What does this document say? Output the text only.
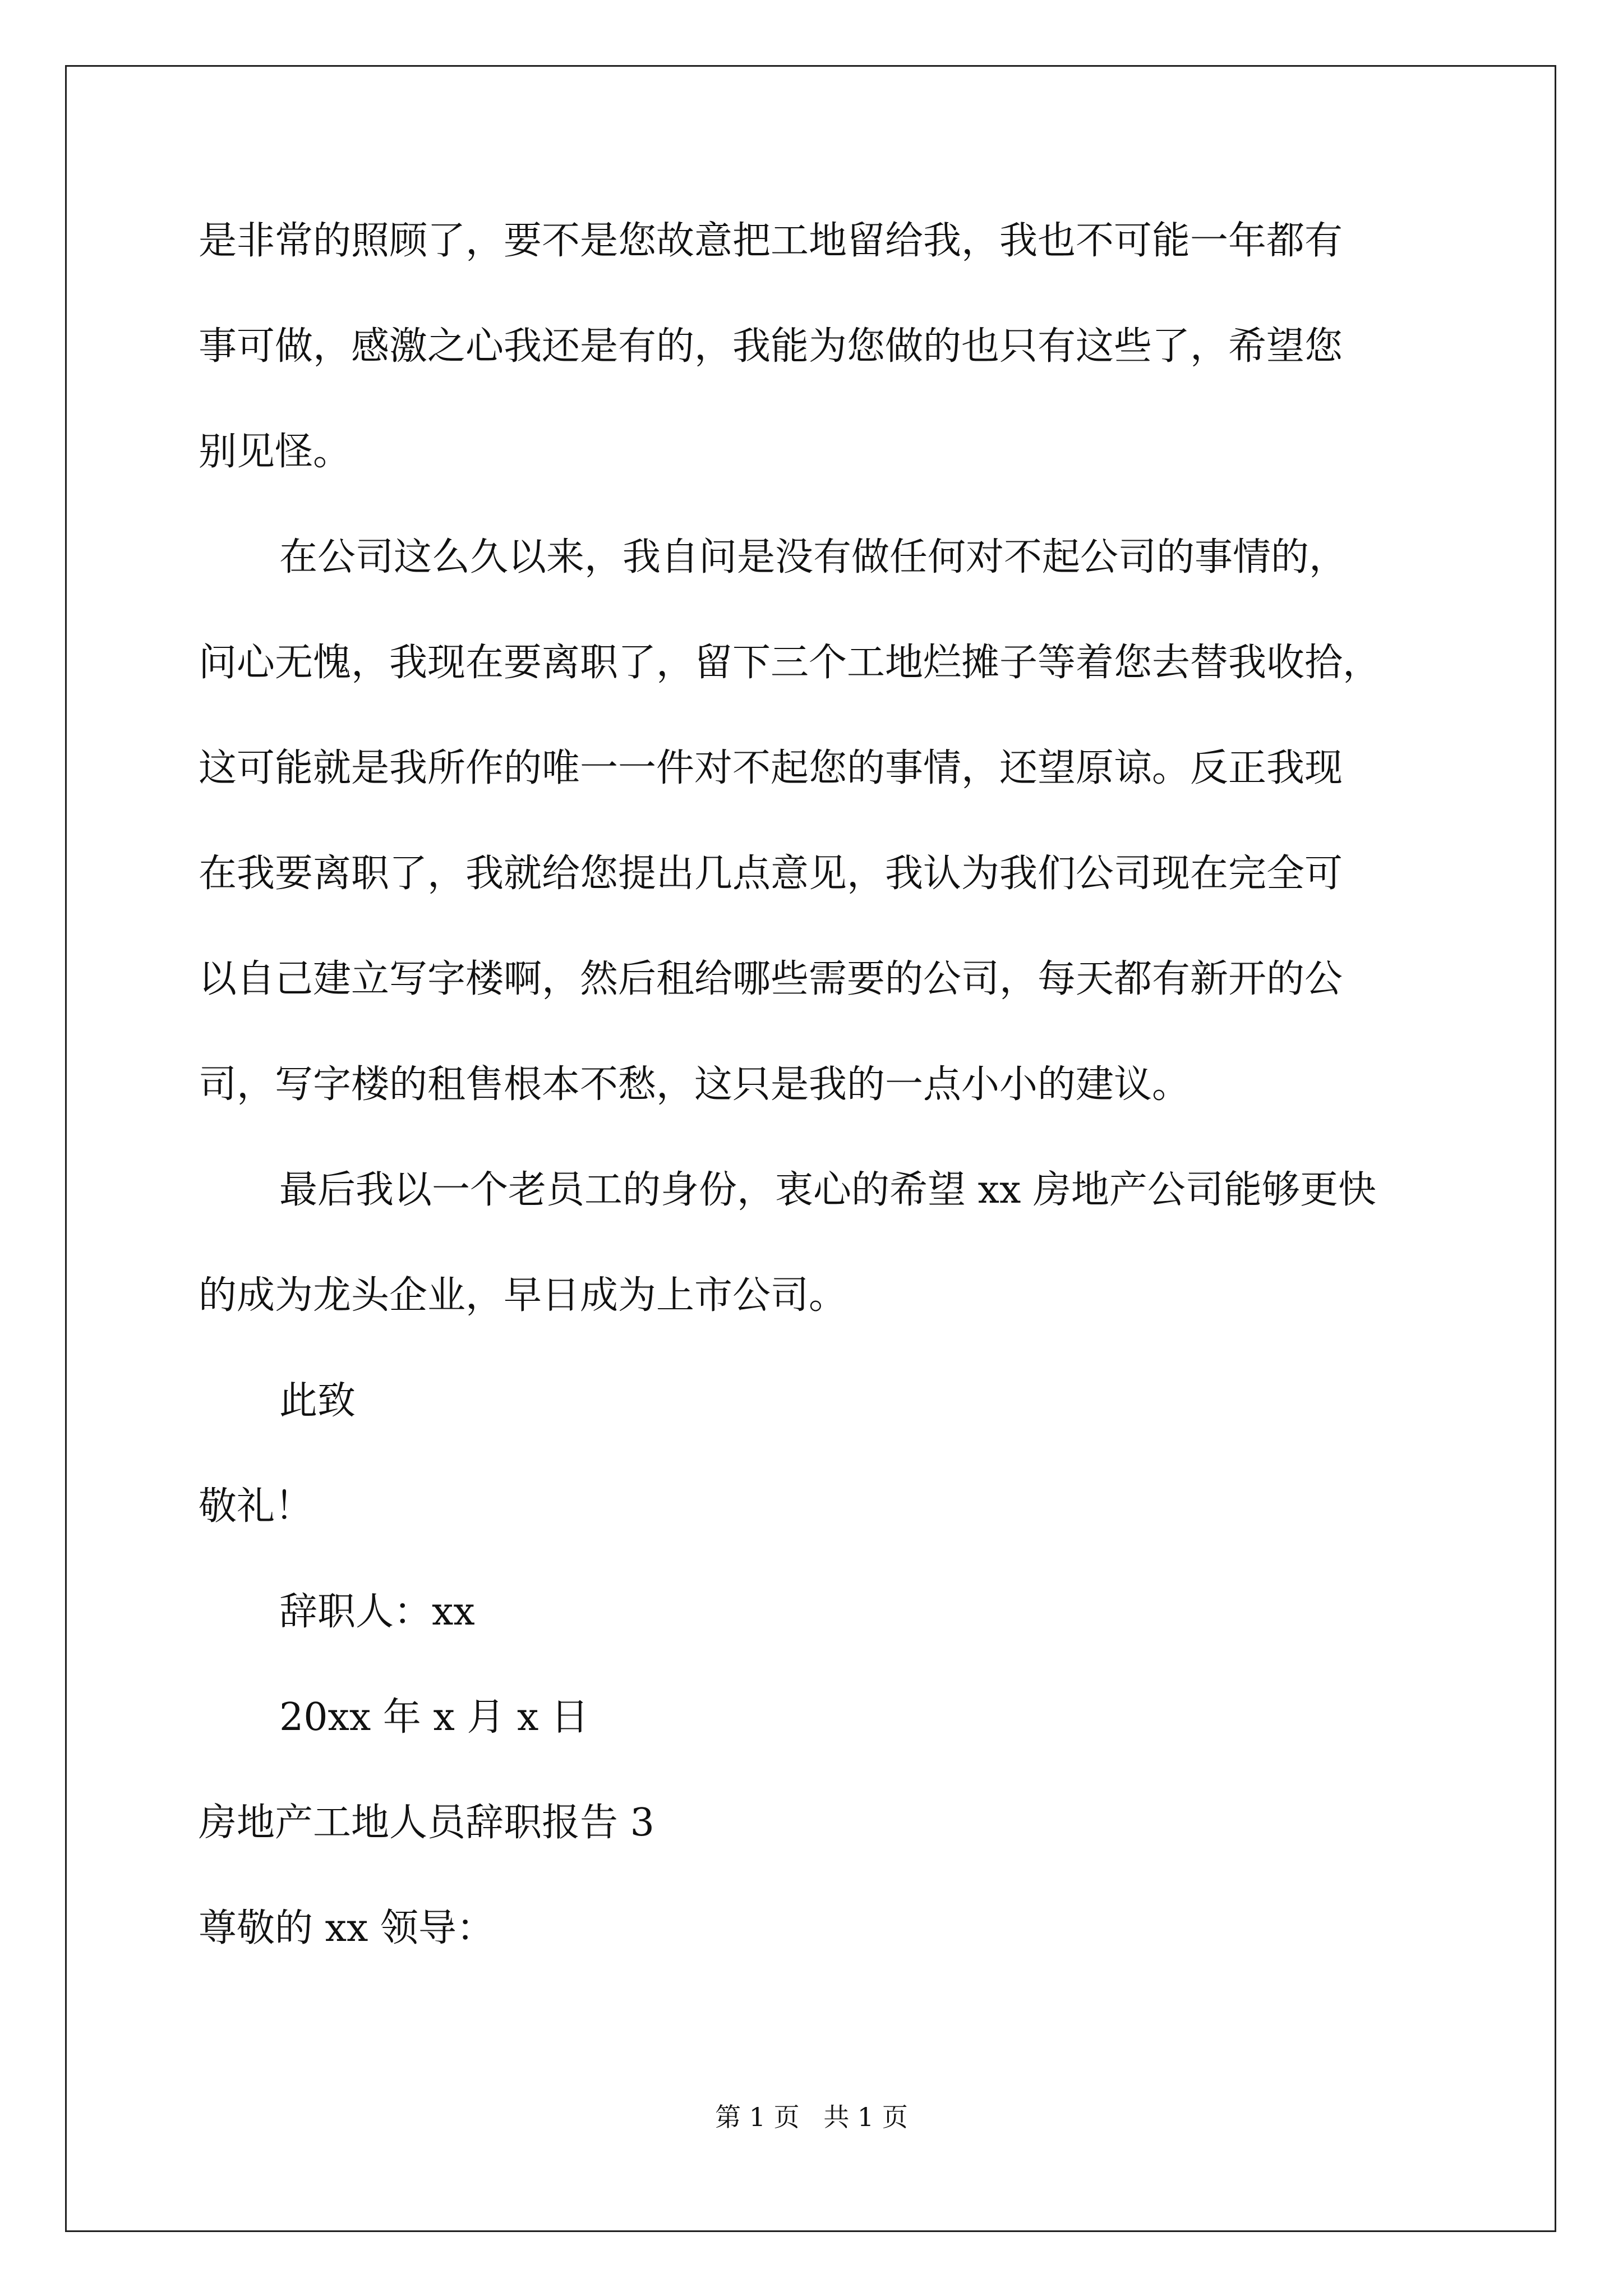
是非常的照顾了，要不是您故意把工地留给我，我也不可能一年都有
事可做，感激之心我还是有的，我能为您做的也只有这些了，希望您
别见怪。
在公司这么久以来，我自问是没有做任何对不起公司的事情的，
问心无愧，我现在要离职了，留下三个工地烂摊子等着您去替我收拾，
这可能就是我所作的唯一一件对不起您的事情，还望原谅。反正我现
在我要离职了，我就给您提出几点意见，我认为我们公司现在完全可
以自己建立写字楼啊，然后租给哪些需要的公司，每天都有新开的公
司，写字楼的租售根本不愁，这只是我的一点小小的建议。
最后我以一个老员工的身份，衷心的希望 xx 房地产公司能够更快
的成为龙头企业，早日成为上市公司。
此致
敬礼！
辞职人：xx
20xx 年 x 月 x 日
房地产工地人员辞职报告 3
尊敬的 xx 领导：
第 1 页 共 1 页
